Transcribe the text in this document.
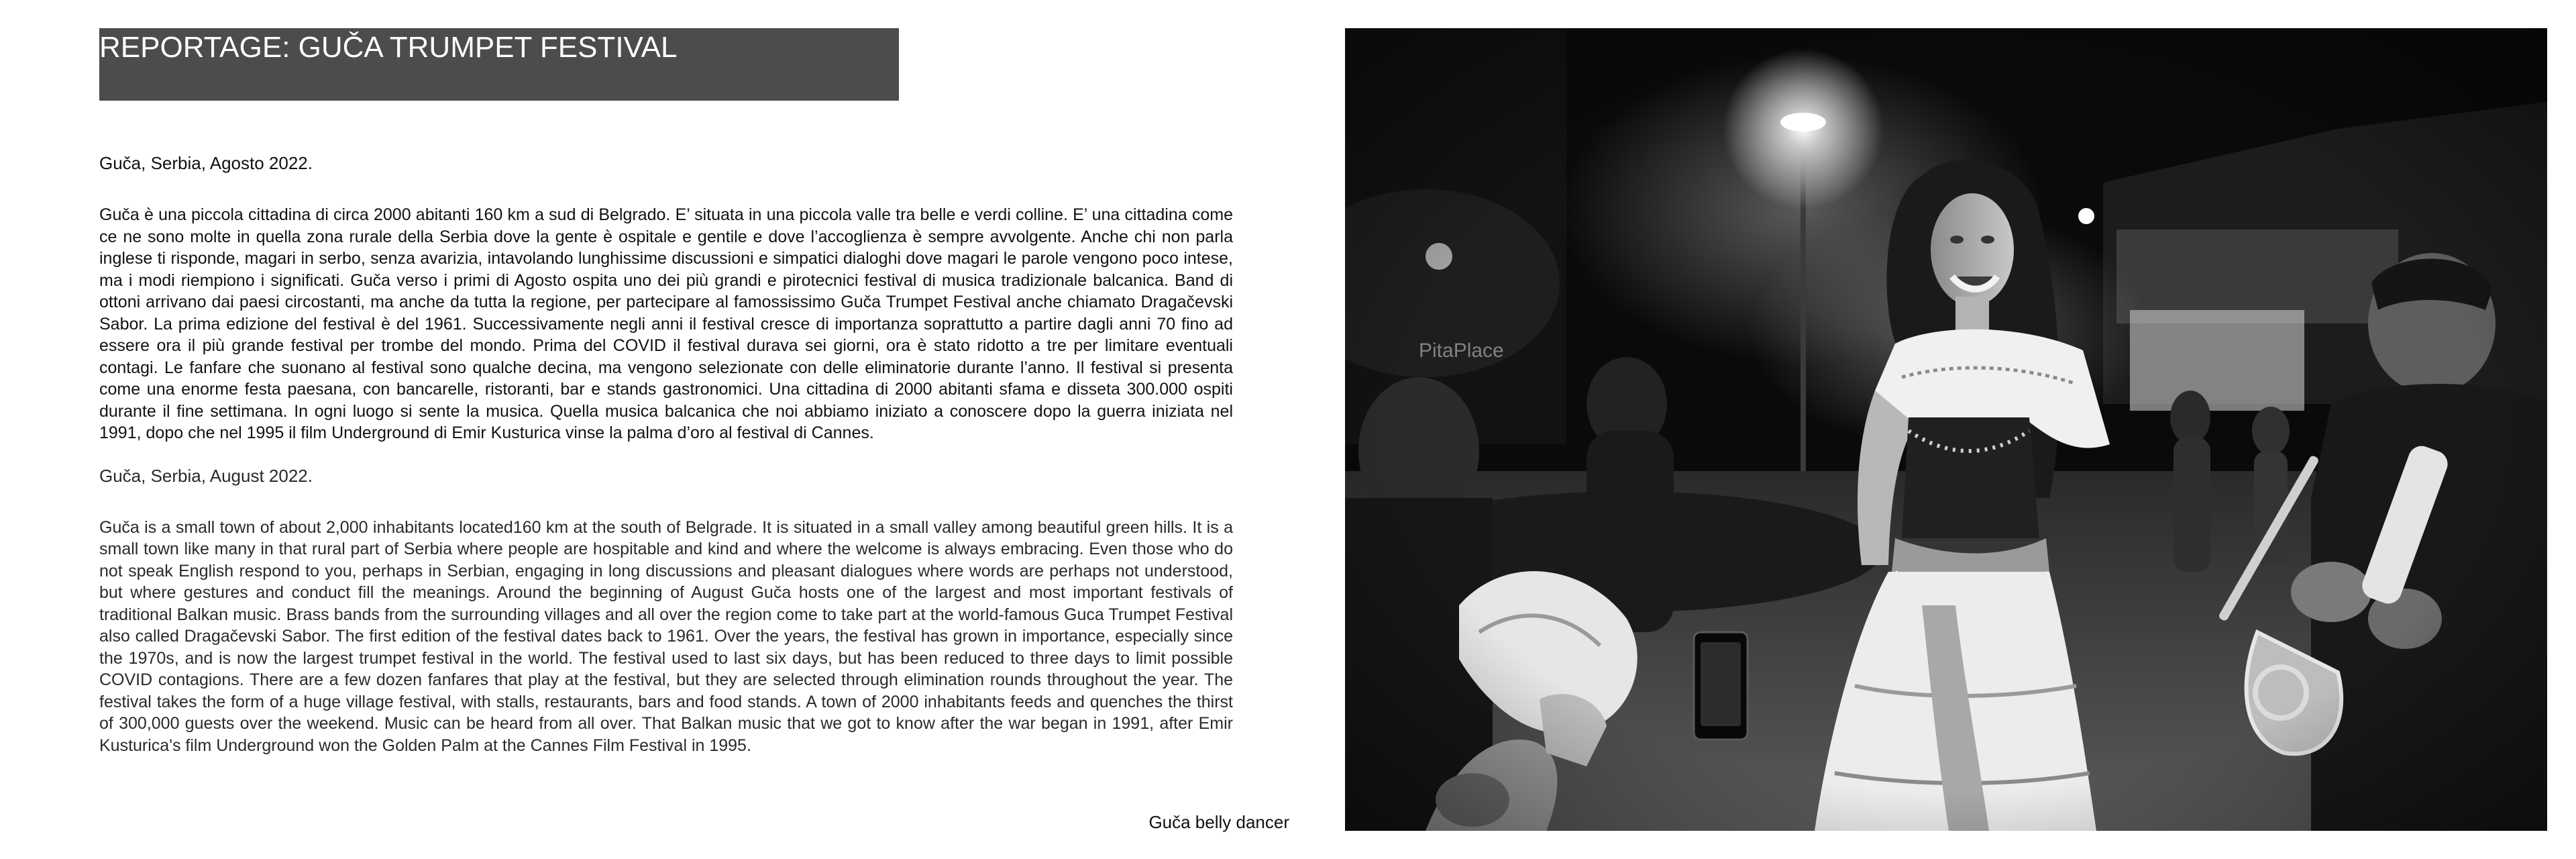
REPORTAGE: GUČA TRUMPET FESTIVAL

Guča, Serbia, Agosto 2022.

Guča è una piccola cittadina di circa 2000 abitanti 160 km a sud di Belgrado. E’ situata in una piccola valle tra belle e verdi colline. E’ una cittadina come ce ne sono molte in quella zona rurale della Serbia dove la gente è ospitale e gentile e dove l’accoglienza è sempre avvolgente. Anche chi non parla inglese ti risponde, magari in serbo, senza avarizia, intavolando lunghissime discussioni e simpatici dialoghi dove magari le parole vengono poco intese, ma i modi riempiono i significati. Guča verso i primi di Agosto ospita uno dei più grandi e pirotecnici festival di musica tradizionale balcanica. Band di ottoni arrivano dai paesi circostanti, ma anche da tutta la regione, per partecipare al famossissimo Guča Trumpet Festival anche chiamato Dragačevski Sabor. La prima edizione del festival è del 1961. Successivamente negli anni il festival cresce di importanza soprattutto a partire dagli anni 70 fino ad essere ora il più grande festival per trombe del mondo. Prima del COVID il festival durava sei giorni, ora è stato ridotto a tre per limitare eventuali contagi. Le fanfare che suonano al festival sono qualche decina, ma vengono selezionate con delle eliminatorie durante l’anno. Il festival si presenta come una enorme festa paesana, con bancarelle, ristoranti, bar e stands gastronomici. Una cittadina di 2000 abitanti sfama e disseta 300.000 ospiti durante il fine settimana. In ogni luogo si sente la musica. Quella musica balcanica che noi abbiamo iniziato a conoscere dopo la guerra iniziata nel 1991, dopo che nel 1995 il film Underground di Emir Kusturica vinse la palma d’oro al festival di Cannes.

Guča, Serbia, August 2022.

Guča is a small town of about 2,000 inhabitants located160 km at the south of Belgrade. It is situated in a small valley among beautiful green hills. It is a small town like many in that rural part of Serbia where people are hospitable and kind and where the welcome is always embracing. Even those who do not speak English respond to you, perhaps in Serbian, engaging in long discussions and pleasant dialogues where words are perhaps not understood, but where gestures and conduct fill the meanings. Around the beginning of August Guča hosts one of the largest and most important festivals of traditional Balkan music. Brass bands from the surrounding villages and all over the region come to take part at the world-famous Guca Trumpet Festival also called Dragačevski Sabor. The first edition of the festival dates back to 1961. Over the years, the festival has grown in importance, especially since the 1970s, and is now the largest trumpet festival in the world. The festival used to last six days, but has been reduced to three days to limit possible COVID contagions. There are a few dozen fanfares that play at the festival, but they are selected through elimination rounds throughout the year. The festival takes the form of a huge village festival, with stalls, restaurants, bars and food stands. A town of 2000 inhabitants feeds and quenches the thirst of 300,000 guests over the weekend. Music can be heard from all over. That Balkan music that we got to know after the war began in 1991, after Emir Kusturica's film Underground won the Golden Palm at the Cannes Film Festival in 1995.

Guča belly dancer
